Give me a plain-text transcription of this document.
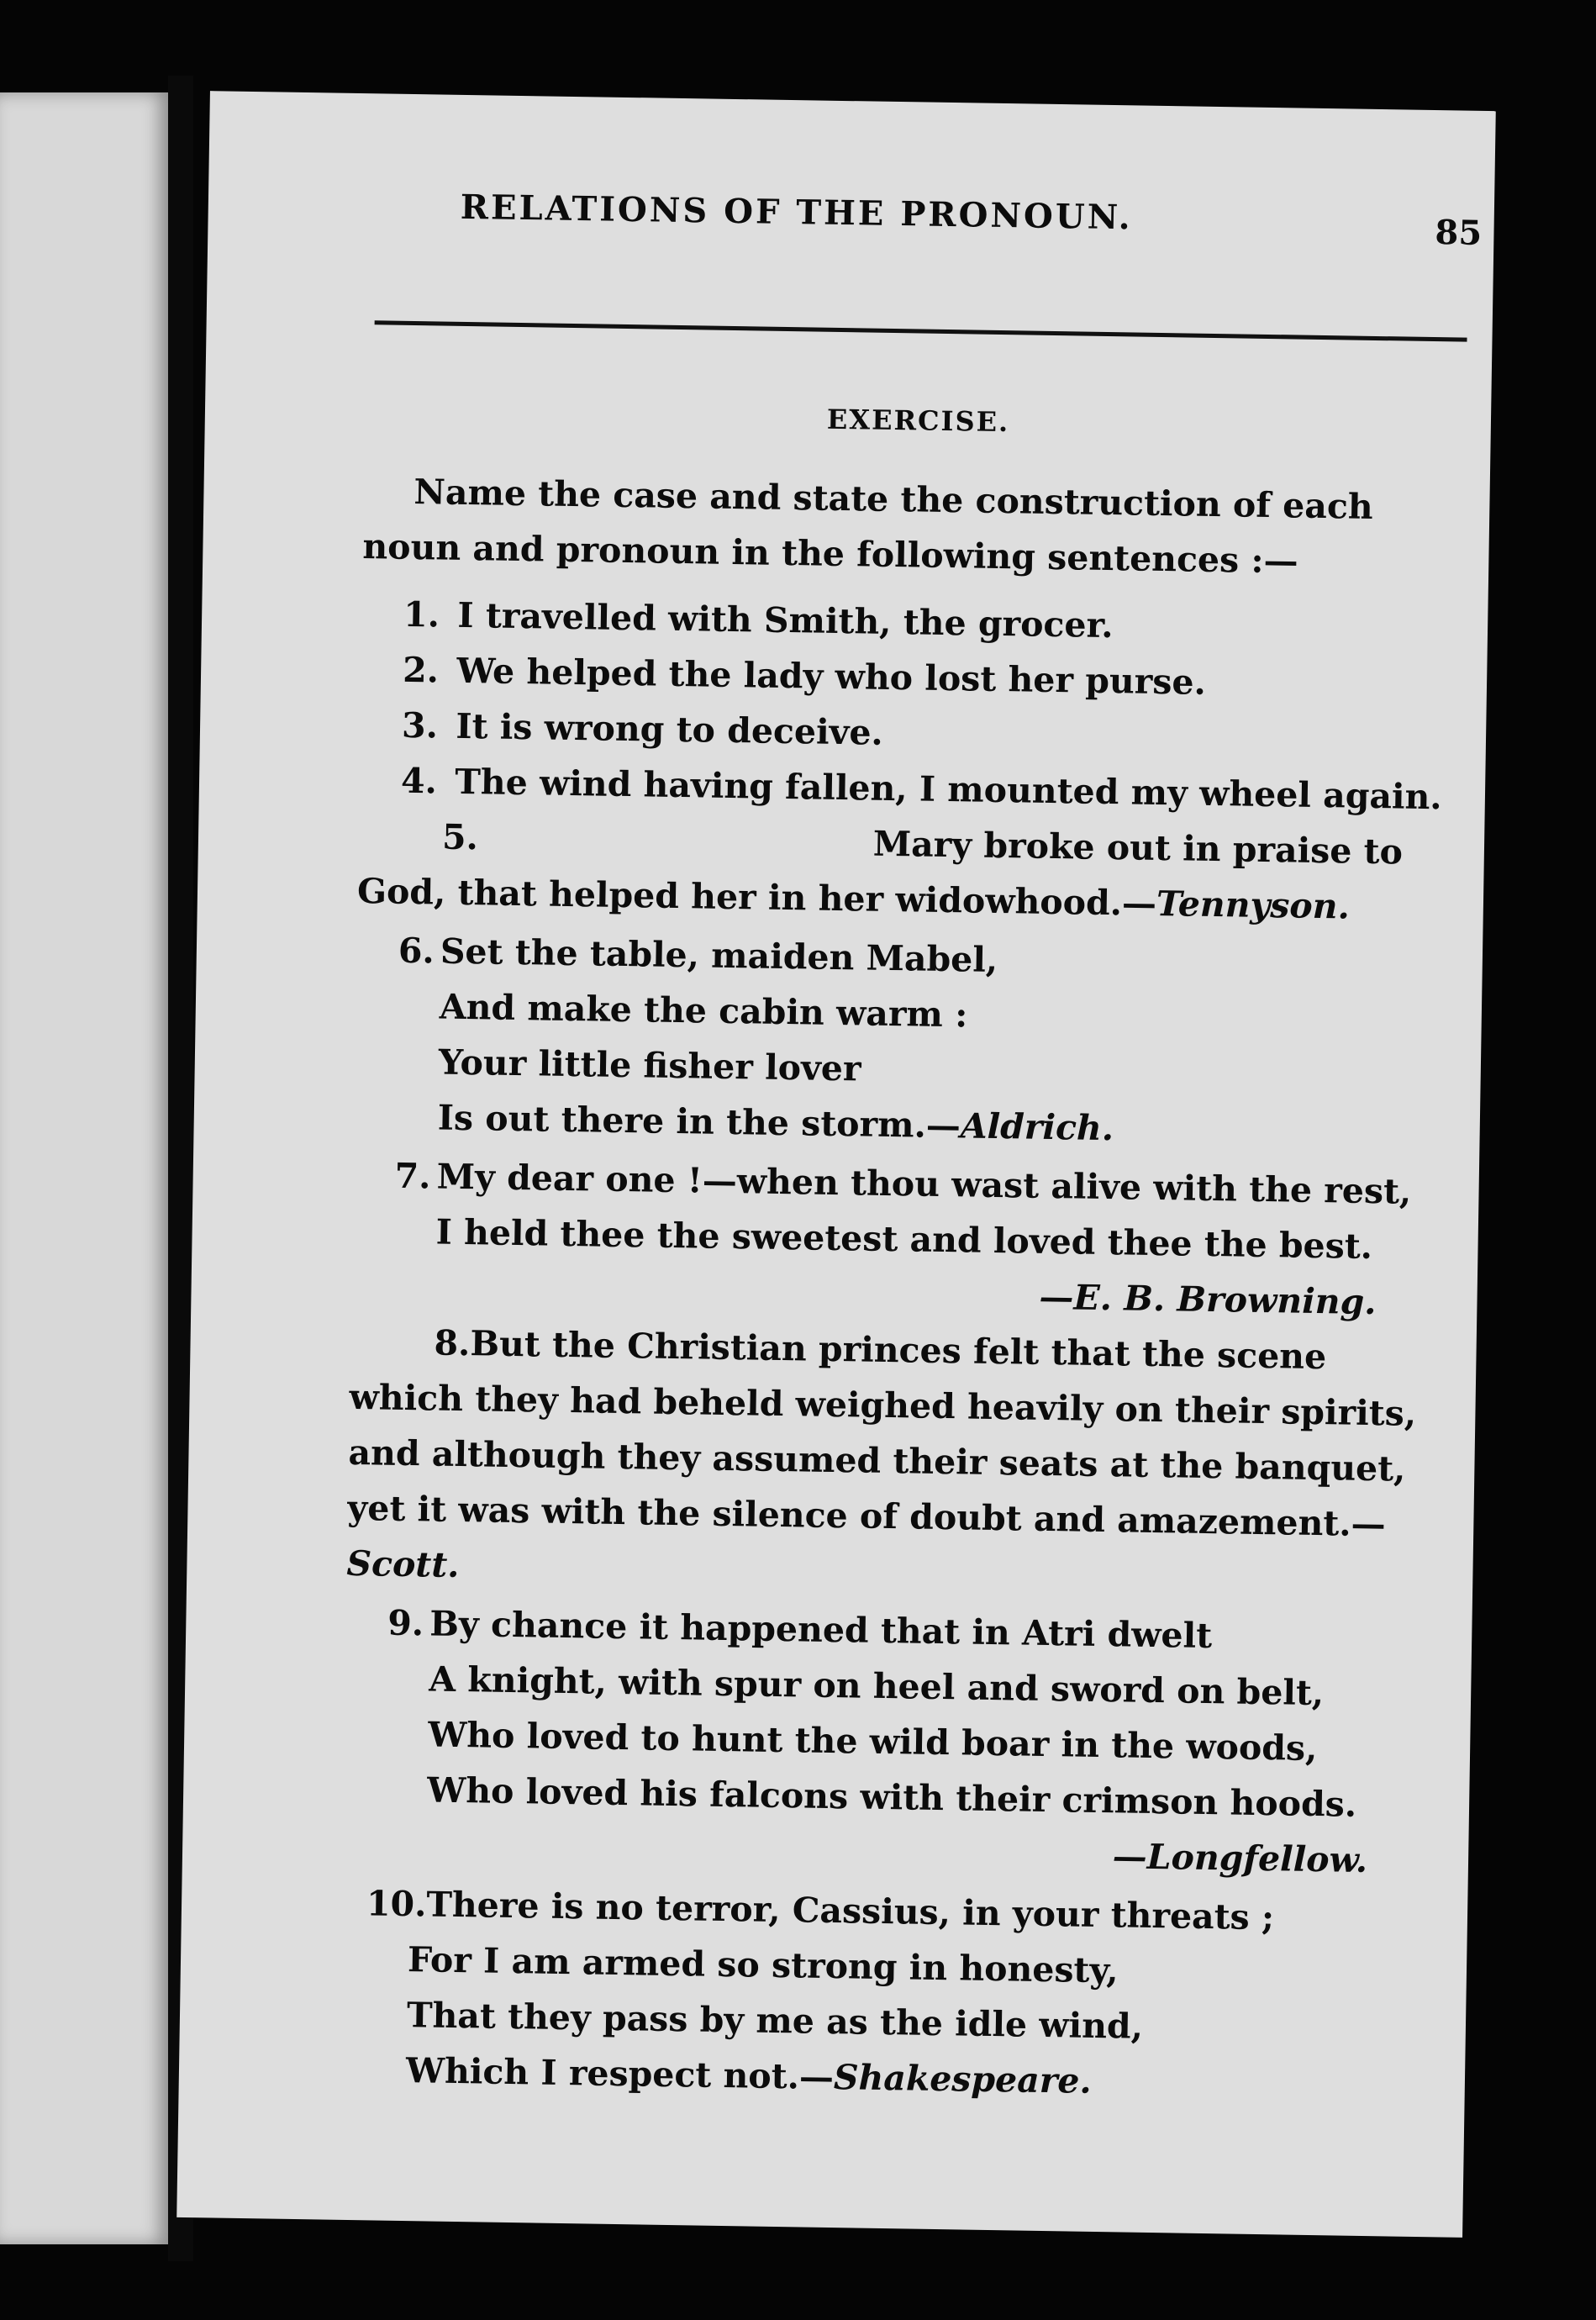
RELATIONS OF THE PRONOUN.	85
EXERCISE.

Name the case and state the construction of each noun and pronoun in the following sentences :—

1. I travelled with Smith, the grocer.

2. We helped the lady who lost her purse.

3. It is wrong to deceive.

4. The wind having fallen, I mounted my wheel again.

5.	Mary broke out in praise to God, that helped her in her widowhood.—Tennyson.

6. Set the table, maiden Mabel,
And make the cabin warm :
Your little fisher lover
Is out there in the storm.—Aldrich.
7. My dear one !—when thou wast alive with the rest,
I held thee the sweetest and loved thee the best.
—E. B. Browning.

8.But the Christian princes felt that the scene which they had beheld weighed heavily on their spirits, and although they assumed their seats at the banquet, yet it was with the silence of doubt and amazement.—Scott.

9. By chance it happened that in Atri dwelt
A knight, with spur on heel and sword on belt,
Who loved to hunt the wild boar in the woods,
Who loved his falcons with their crimson hoods.
—Longfellow.
10.There is no terror, Cassius, in your threats ;
For I am armed so strong in honesty,
That they pass by me as the idle wind,
Which I respect not.—Shakespeare.
